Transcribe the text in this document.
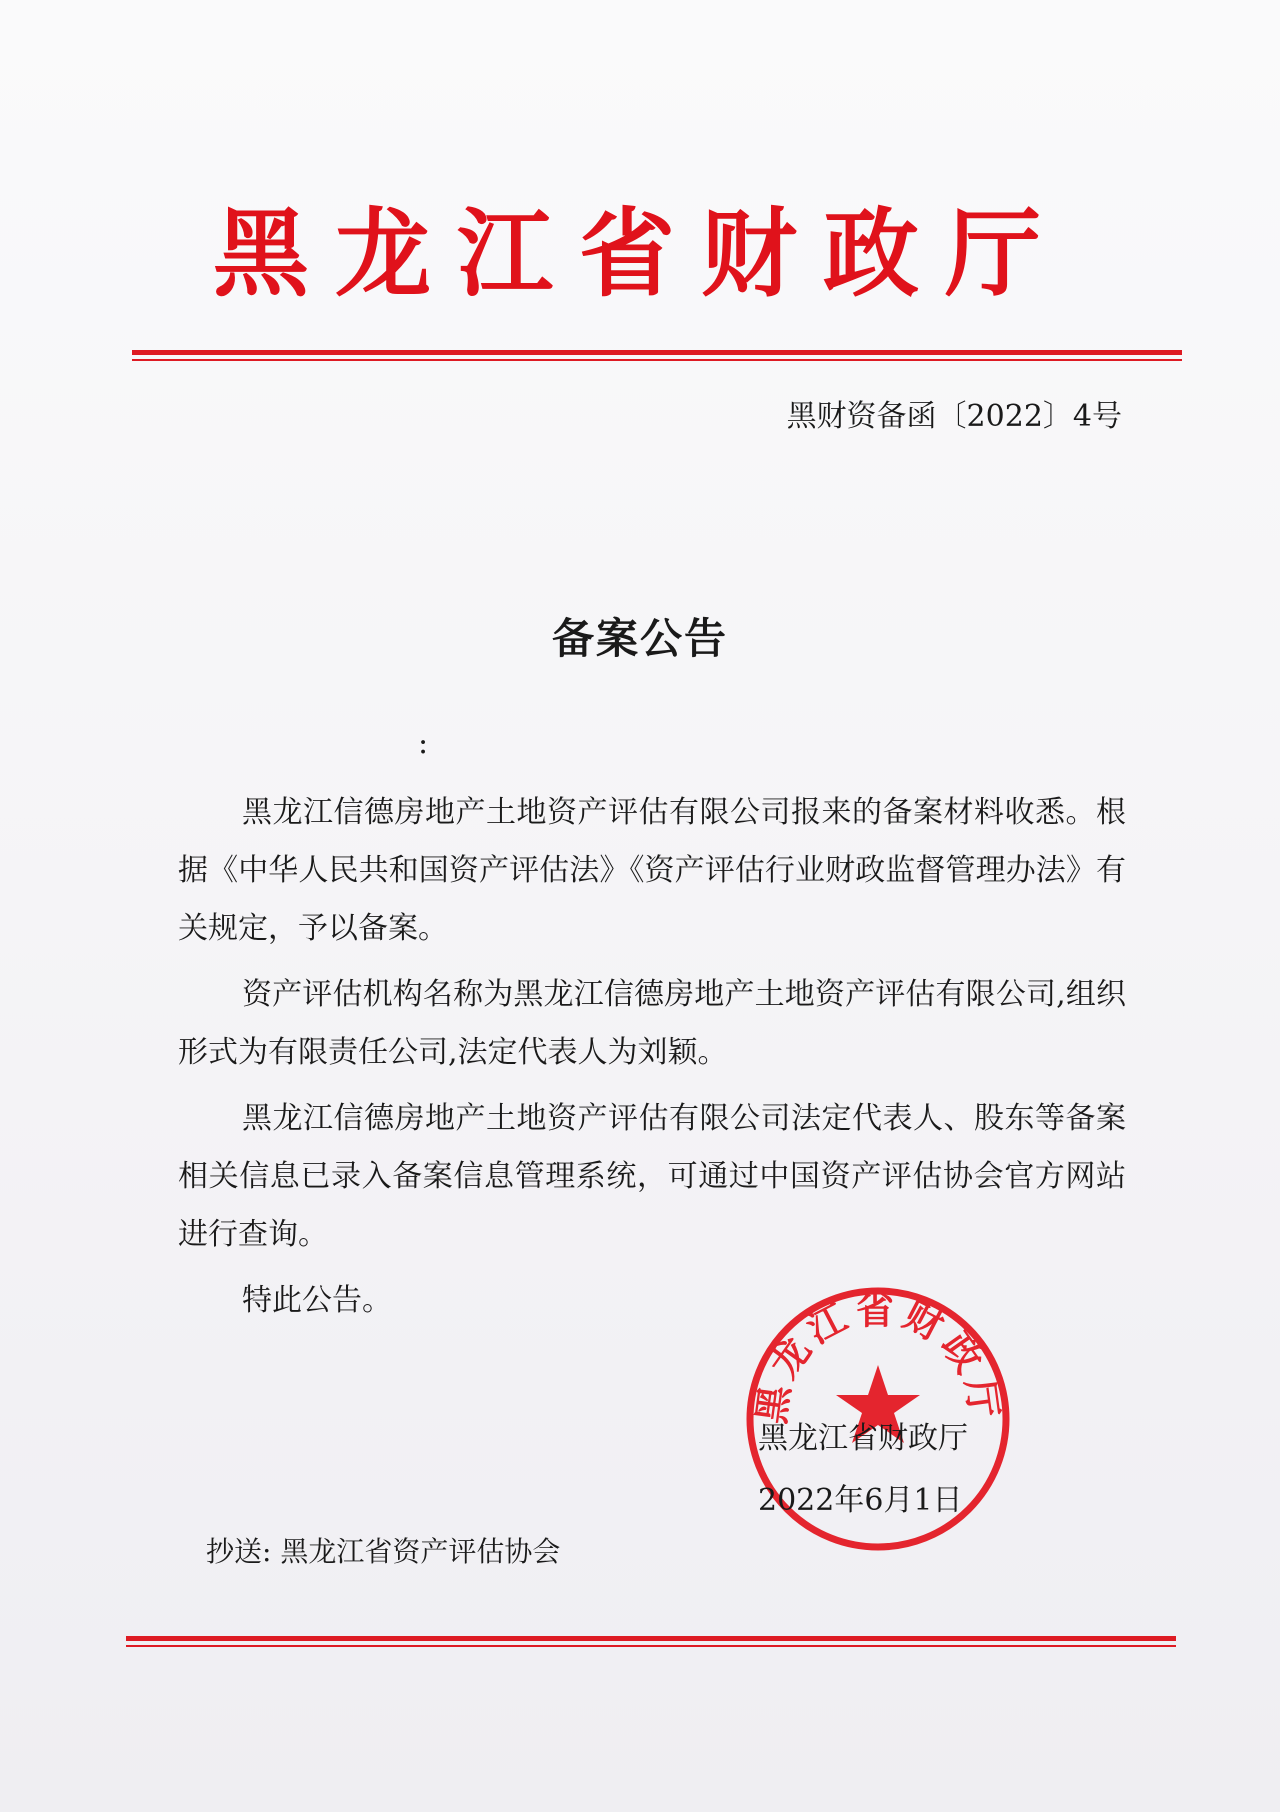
黑龙江省财政厅
黑财资备函〔2022〕4号
备案公告
:

黑龙江信德房地产土地资产评估有限公司报来的备案材料收悉。根据《中华人民共和国资产评估法》《资产评估行业财政监督管理办法》有关规定，予以备案。

资产评估机构名称为黑龙江信德房地产土地资产评估有限公司,组织形式为有限责任公司,法定代表人为刘颖。

黑龙江信德房地产土地资产评估有限公司法定代表人、股东等备案相关信息已录入备案信息管理系统，可通过中国资产评估协会官方网站进行查询。

特此公告。

黑龙江省财政厅
黑龙江省财政厅
2022年6月1日
抄送: 黑龙江省资产评估协会
